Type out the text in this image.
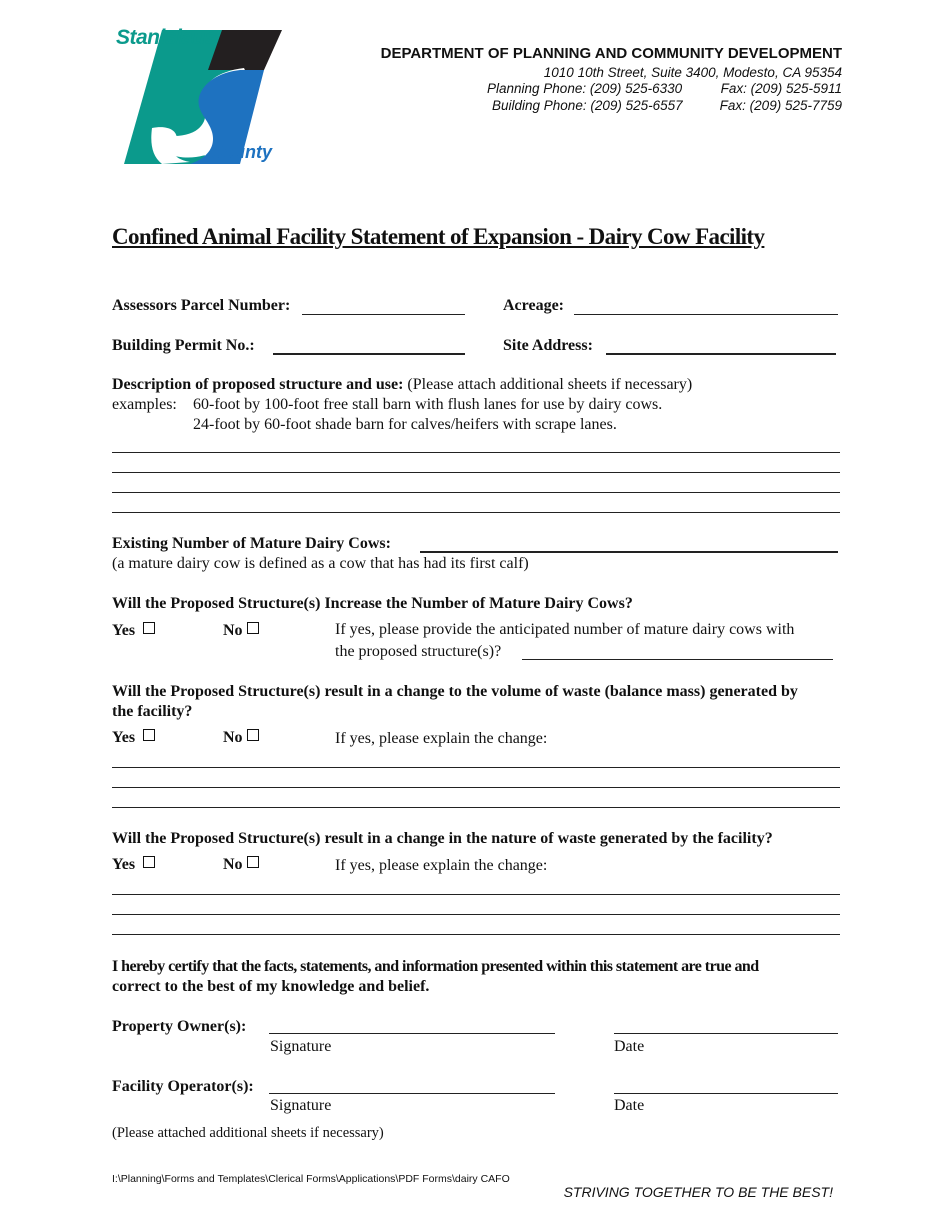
Stanislaus
County
DEPARTMENT OF PLANNING AND COMMUNITY DEVELOPMENT
1010 10th Street, Suite 3400, Modesto, CA 95354
Planning Phone: (209) 525-6330	Fax: (209) 525-5911
Building Phone: (209) 525-6557	Fax: (209) 525-7759
Confined Animal Facility Statement of Expansion - Dairy Cow Facility
Assessors Parcel Number:	Acreage:
Building Permit No.:	Site Address:
Description of proposed structure and use: (Please attach additional sheets if necessary)
examples: 60-foot by 100-foot free stall barn with flush lanes for use by dairy cows.
24-foot by 60-foot shade barn for calves/heifers with scrape lanes.
Existing Number of Mature Dairy Cows:
(a mature dairy cow is defined as a cow that has had its first calf)
Will the Proposed Structure(s) Increase the Number of Mature Dairy Cows?
Yes	No	If yes, please provide the anticipated number of mature dairy cows with
the proposed structure(s)?
Will the Proposed Structure(s) result in a change to the volume of waste (balance mass) generated by
the facility?
Yes	No	If yes, please explain the change:
Will the Proposed Structure(s) result in a change in the nature of waste generated by the facility?
Yes	No	If yes, please explain the change:
I hereby certify that the facts, statements, and information presented within this statement are true and
correct to the best of my knowledge and belief.
Property Owner(s):
Signature	Date
Facility Operator(s):
Signature	Date
(Please attached additional sheets if necessary)
I:\Planning\Forms and Templates\Clerical Forms\Applications\PDF Forms\dairy CAFO
STRIVING TOGETHER TO BE THE BEST!
